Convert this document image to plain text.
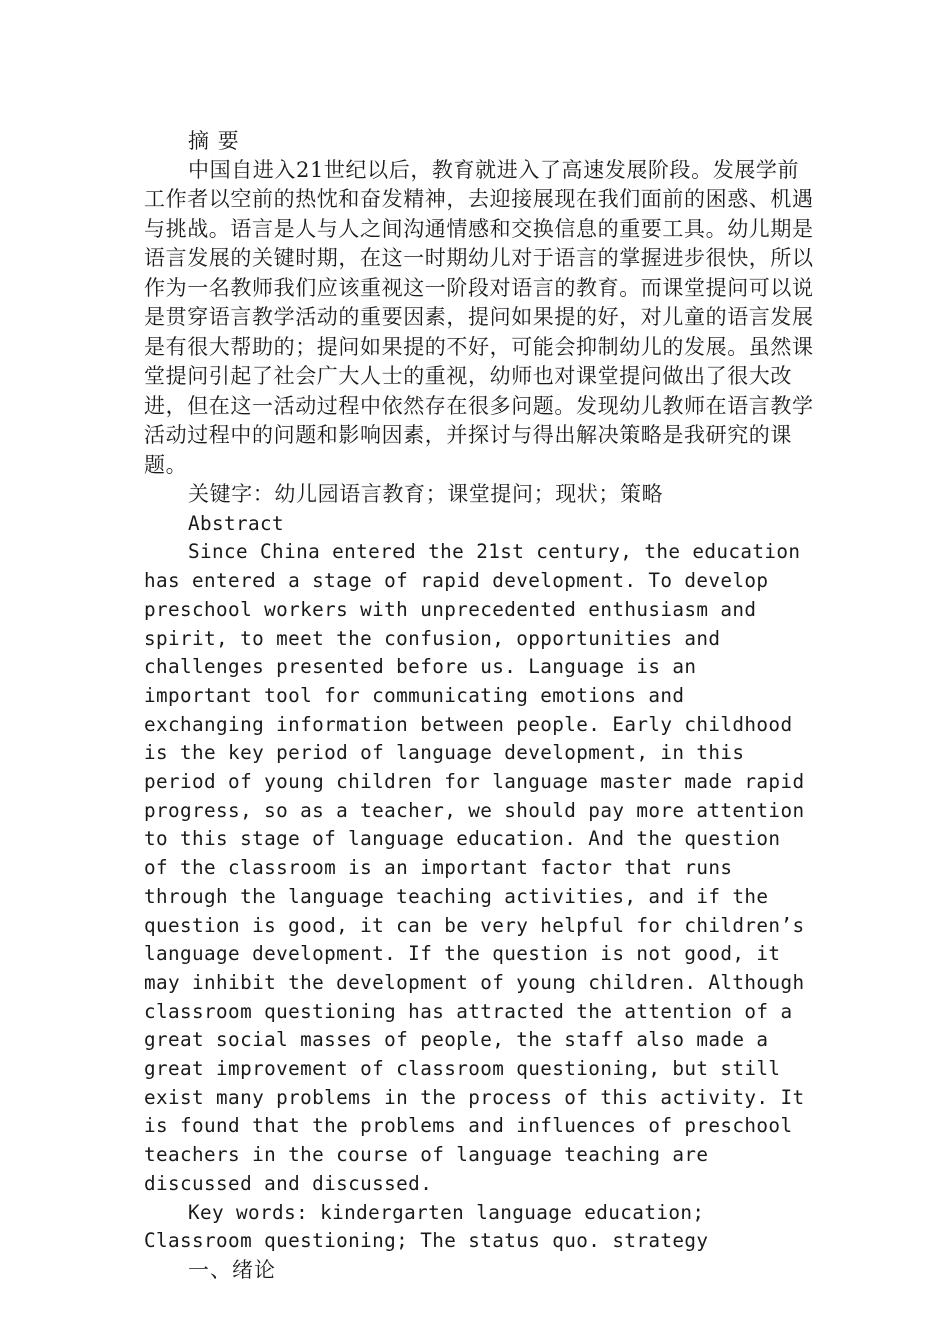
摘 要

中国自进入21世纪以后，教育就进入了高速发展阶段。发展学前工作者以空前的热忱和奋发精神，去迎接展现在我们面前的困惑、机遇与挑战。语言是人与人之间沟通情感和交换信息的重要工具。幼儿期是语言发展的关键时期，在这一时期幼儿对于语言的掌握进步很快，所以作为一名教师我们应该重视这一阶段对语言的教育。而课堂提问可以说是贯穿语言教学活动的重要因素，提问如果提的好，对儿童的语言发展是有很大帮助的；提问如果提的不好，可能会抑制幼儿的发展。虽然课堂提问引起了社会广大人士的重视，幼师也对课堂提问做出了很大改进，但在这一活动过程中依然存在很多问题。发现幼儿教师在语言教学活动过程中的问题和影响因素，并探讨与得出解决策略是我研究的课题。

关键字：幼儿园语言教育；课堂提问；现状；策略

Abstract

Since China entered the 21st century, the education has entered a stage of rapid development. To develop preschool workers with unprecedented enthusiasm and spirit, to meet the confusion, opportunities and challenges presented before us. Language is an important tool for communicating emotions and exchanging information between people. Early childhood is the key period of language development, in this period of young children for language master made rapid progress, so as a teacher, we should pay more attention to this stage of language education. And the question of the classroom is an important factor that runs through the language teaching activities, and if the question is good, it can be very helpful for children’s language development. If the question is not good, it may inhibit the development of young children. Although classroom questioning has attracted the attention of a great social masses of people, the staff also made a great improvement of classroom questioning, but still exist many problems in the process of this activity. It is found that the problems and influences of preschool teachers in the course of language teaching are discussed and discussed.

Key words: kindergarten language education; Classroom questioning; The status quo. strategy

一、绪论
